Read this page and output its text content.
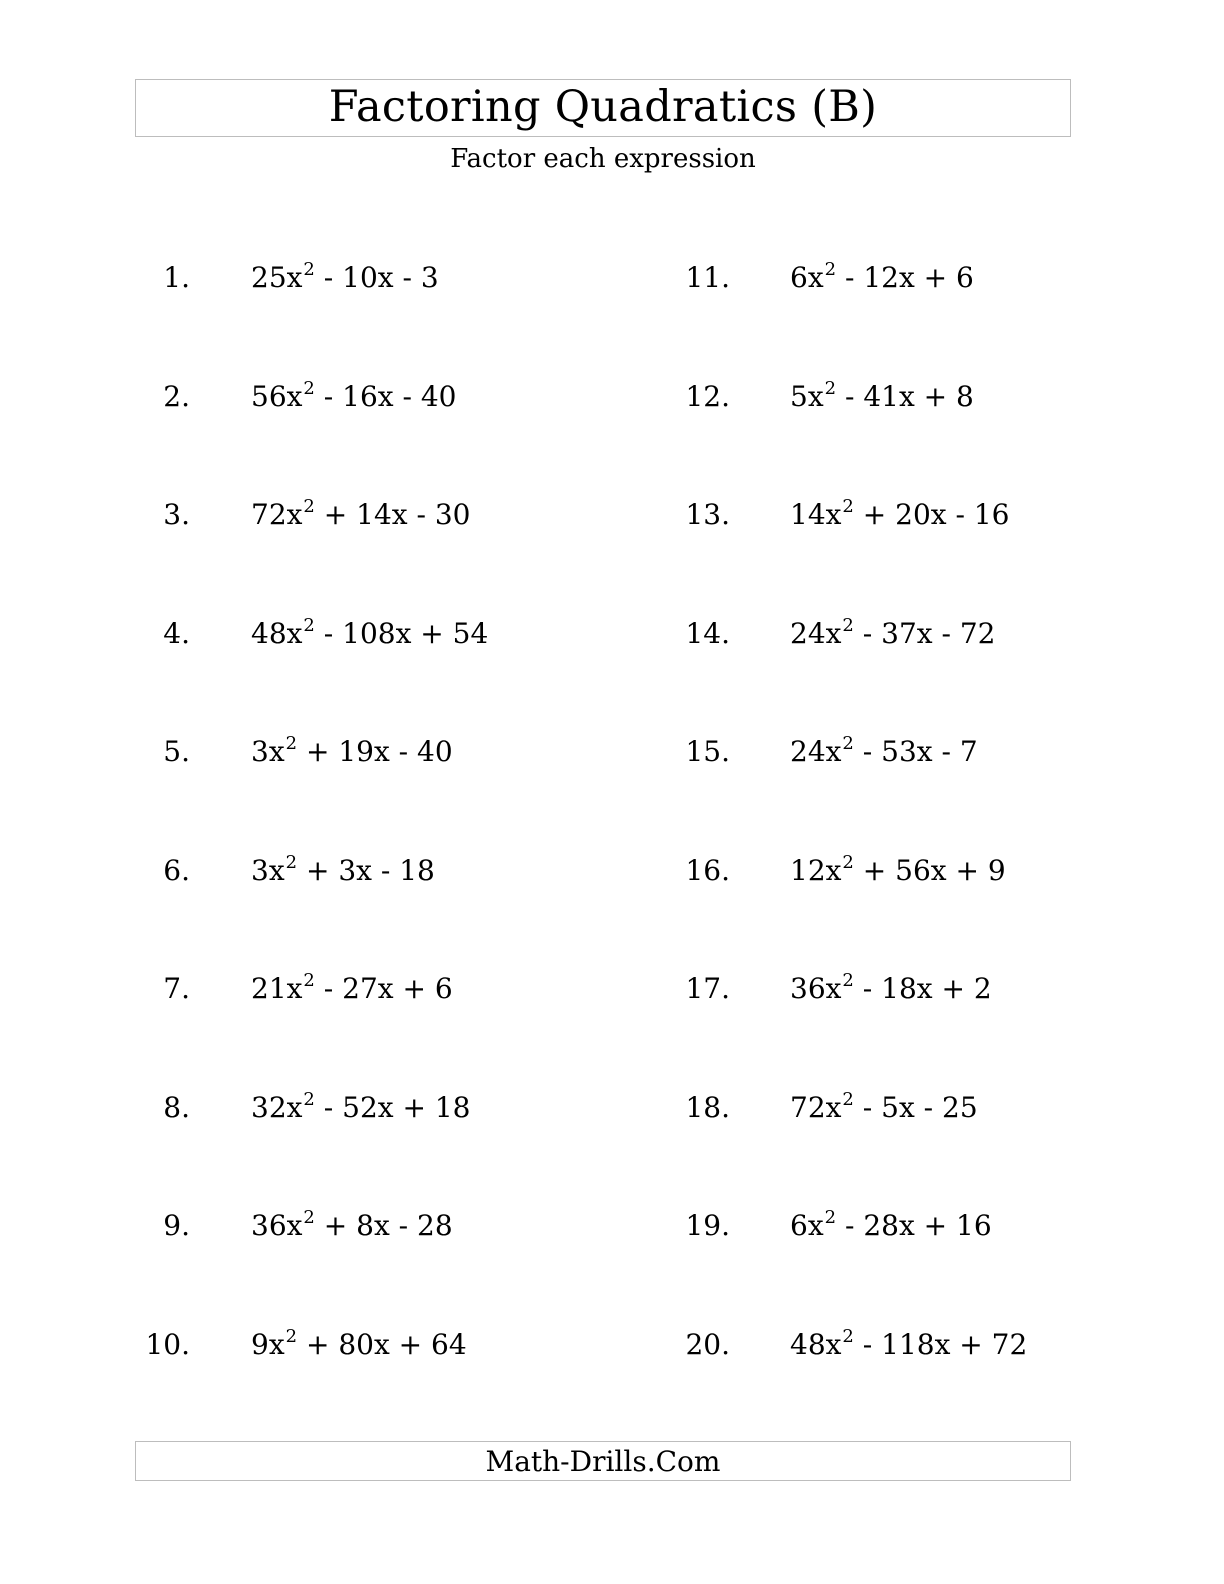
Factoring Quadratics (B)
Factor each expression
1. $25x^2 - 10x - 3$
2. $56x^2 - 16x - 40$
3. $72x^2 + 14x - 30$
4. $48x^2 - 108x + 54$
5. $3x^2 + 19x - 40$
6. $3x^2 + 3x - 18$
7. $21x^2 - 27x + 6$
8. $32x^2 - 52x + 18$
9. $36x^2 + 8x - 28$
10. $9x^2 + 80x + 64$
11. $6x^2 - 12x + 6$
12. $5x^2 - 41x + 8$
13. $14x^2 + 20x - 16$
14. $24x^2 - 37x - 72$
15. $24x^2 - 53x - 7$
16. $12x^2 + 56x + 9$
17. $36x^2 - 18x + 2$
18. $72x^2 - 5x - 25$
19. $6x^2 - 28x + 16$
20. $48x^2 - 118x + 72$
Math-Drills.Com
